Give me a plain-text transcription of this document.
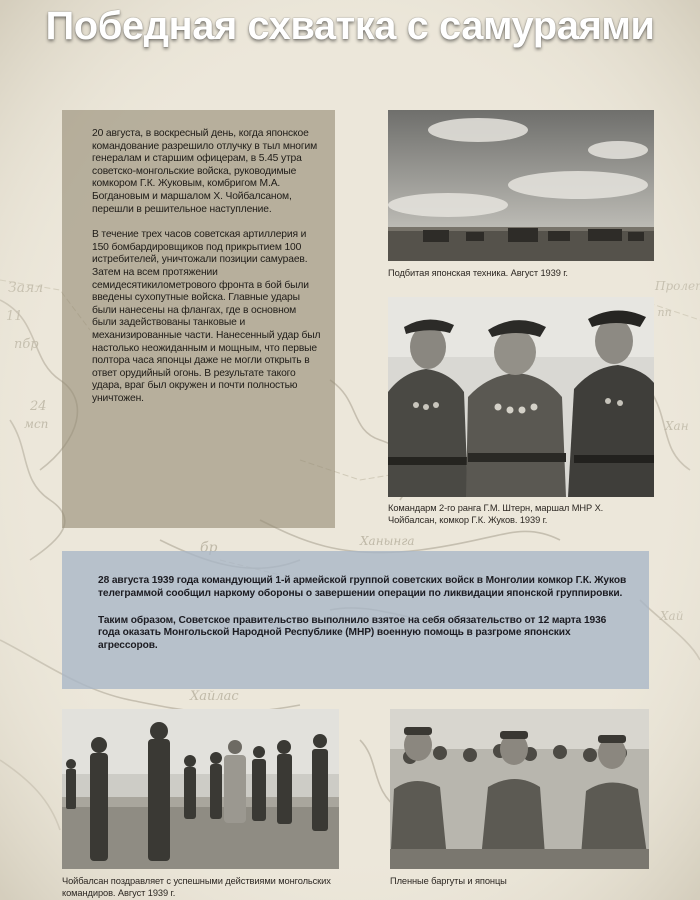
Победная схватка с самураями

20 августа, в воскресный день, когда японское командование разрешило отлучку в тыл многим генералам и старшим офицерам, в 5.45 утра советско-монгольские войска, руководимые комкором Г.К. Жуковым, комбригом М.А. Богдановым и маршалом Х. Чойбалсаном, перешли в решительное наступление.

В течение трех часов советская артиллерия и 150 бомбардировщиков под прикрытием 100 истребителей, уничтожали позиции самураев. Затем на всем протяжении семидесятикилометрового фронта в бой были введены сухопутные войска. Главные удары были нанесены на флангах, где в основном были задействованы танковые и механизированные части. Нанесенный удар был настолько неожиданным и мощным, что первые полтора часа японцы даже не могли открыть в ответ орудийный огонь. В результате такого удара, враг был окружен и почти полностью уничтожен.

Подбитая японская техника. Август 1939 г.
Командарм 2-го ранга Г.М. Штерн, маршал МНР Х. Чойбалсан, комкор Г.К. Жуков. 1939 г.

28 августа 1939 года командующий 1-й армейской группой советских войск в Монголии комкор Г.К. Жуков телеграммой сообщил наркому обороны о завершении операции по ликвидации японской группировки.

Таким образом, Советское правительство выполнило взятое на себя обязательство от 12 марта 1936 года оказать Монгольской Народной Республике (МНР) военную помощь в разгроме японских агрессоров.

Чойбалсан поздравляет с успешными действиями монгольских командиров. Август 1939 г.
Пленные баргуты и японцы
